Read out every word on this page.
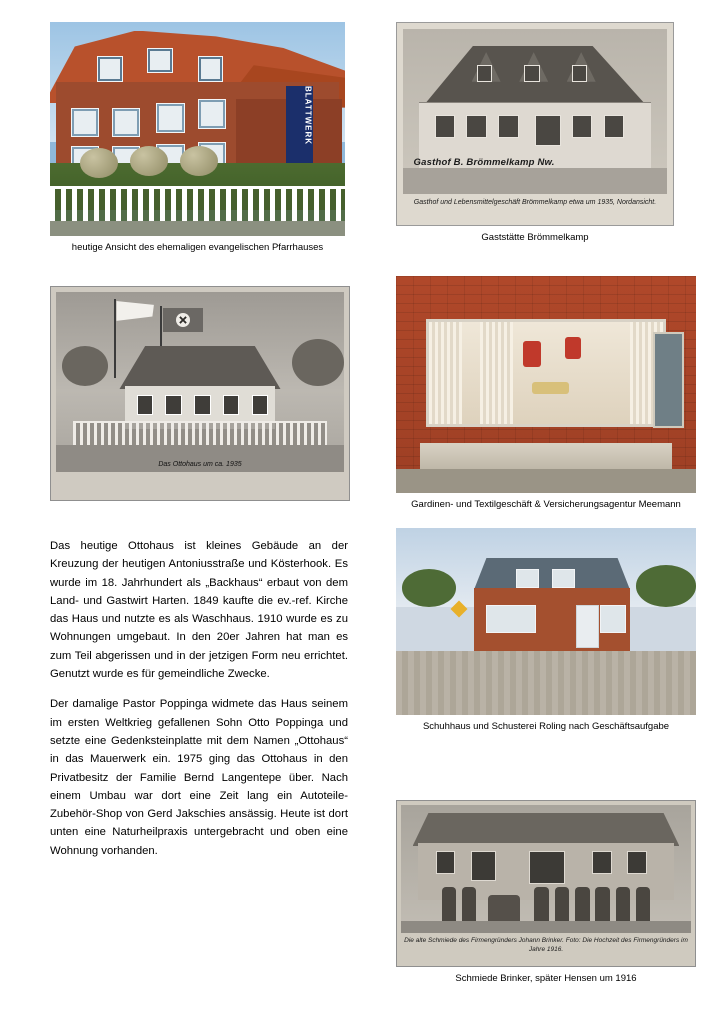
BLATTWERK
heutige Ansicht des ehemaligen evangelischen Pfarrhauses
Gasthof B. Brömmelkamp Nw.
Gasthof und Lebensmittelgeschäft Brömmelkamp etwa um 1935, Nordansicht.
Gaststätte Brömmelkamp
Das Ottohaus um ca. 1935
Gardinen- und Textilgeschäft & Versicherungsagentur Meemann
Schuhhaus und Schusterei Roling nach Geschäftsaufgabe
Die alte Schmiede des Firmengründers Johann Brinker. Foto: Die Hochzeit des Firmengründers im Jahre 1916.
Schmiede Brinker, später Hensen um 1916

Das heutige Ottohaus ist kleines Gebäude an der Kreuzung der heutigen Antoniusstraße und Kösterhook. Es wurde im 18. Jahrhundert als „Backhaus“ erbaut von dem Land- und Gastwirt Harten. 1849 kaufte die ev.-ref. Kirche das Haus und nutzte es als Waschhaus. 1910 wurde es zu Wohnungen umgebaut. In den 20er Jahren hat man es zum Teil abgerissen und in der jetzigen Form neu errichtet. Genutzt wurde es für gemeindliche Zwecke.

Der damalige Pastor Poppinga widmete das Haus seinem im ersten Weltkrieg gefallenen Sohn Otto Poppinga und setzte eine Gedenksteinplatte mit dem Namen „Ottohaus“ in das Mauerwerk ein. 1975 ging das Ottohaus in den Privatbesitz der Familie Bernd Langentepe über. Nach einem Umbau war dort eine Zeit lang ein Autoteile-Zubehör-Shop von Gerd Jakschies ansässig. Heute ist dort unten eine Naturheilpraxis untergebracht und oben eine Wohnung vorhanden.
